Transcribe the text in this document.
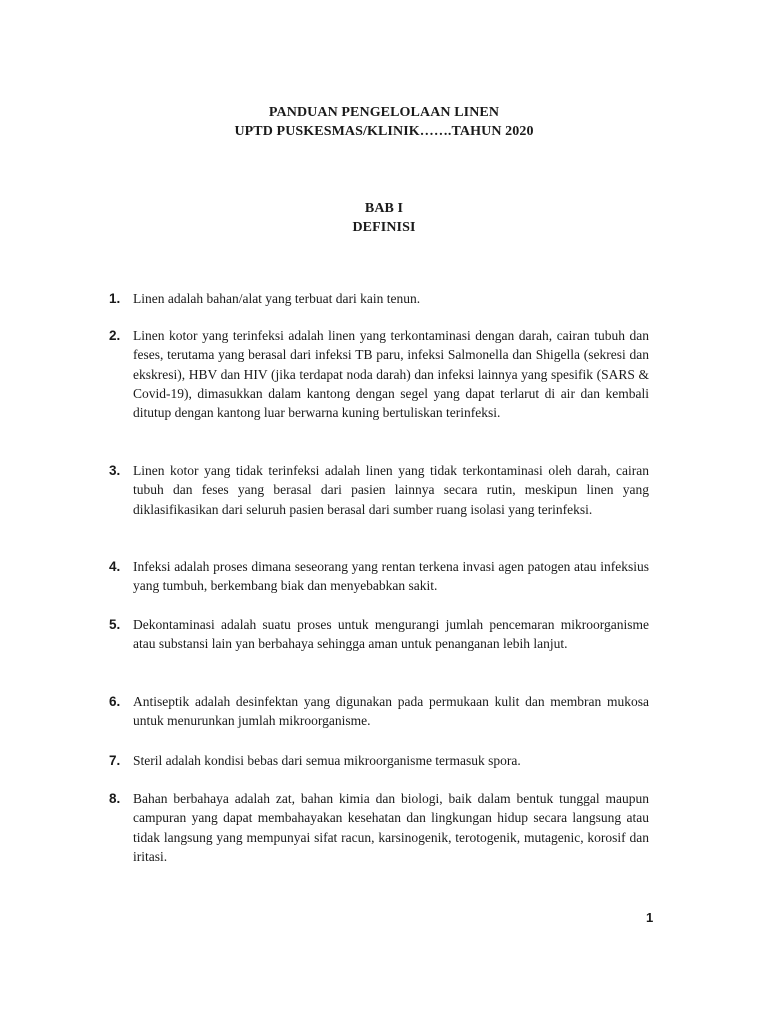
PANDUAN PENGELOLAAN LINEN
UPTD PUSKESMAS/KLINIK…….TAHUN 2020
BAB I
DEFINISI
1. Linen adalah bahan/alat yang terbuat dari kain tenun.
2. Linen kotor yang terinfeksi adalah linen yang terkontaminasi dengan darah, cairan tubuh dan feses, terutama yang berasal dari infeksi TB paru, infeksi Salmonella dan Shigella (sekresi dan ekskresi), HBV dan HIV (jika terdapat noda darah) dan infeksi lainnya yang spesifik (SARS & Covid-19), dimasukkan dalam kantong dengan segel yang dapat terlarut di air dan kembali ditutup dengan kantong luar berwarna kuning bertuliskan terinfeksi.
3. Linen kotor yang tidak terinfeksi adalah linen yang tidak terkontaminasi oleh darah, cairan tubuh dan feses yang berasal dari pasien lainnya secara rutin, meskipun linen yang diklasifikasikan dari seluruh pasien berasal dari sumber ruang isolasi yang terinfeksi.
4. Infeksi adalah proses dimana seseorang yang rentan terkena invasi agen patogen atau infeksius yang tumbuh, berkembang biak dan menyebabkan sakit.
5. Dekontaminasi adalah suatu proses untuk mengurangi jumlah pencemaran mikroorganisme atau substansi lain yan berbahaya sehingga aman untuk penanganan lebih lanjut.
6. Antiseptik adalah desinfektan yang digunakan pada permukaan kulit dan membran mukosa untuk menurunkan jumlah mikroorganisme.
7. Steril adalah kondisi bebas dari semua mikroorganisme termasuk spora.
8. Bahan berbahaya adalah zat, bahan kimia dan biologi, baik dalam bentuk tunggal maupun campuran yang dapat membahayakan kesehatan dan lingkungan hidup secara langsung atau tidak langsung yang mempunyai sifat racun, karsinogenik, terotogenik, mutagenic, korosif dan iritasi.
1
